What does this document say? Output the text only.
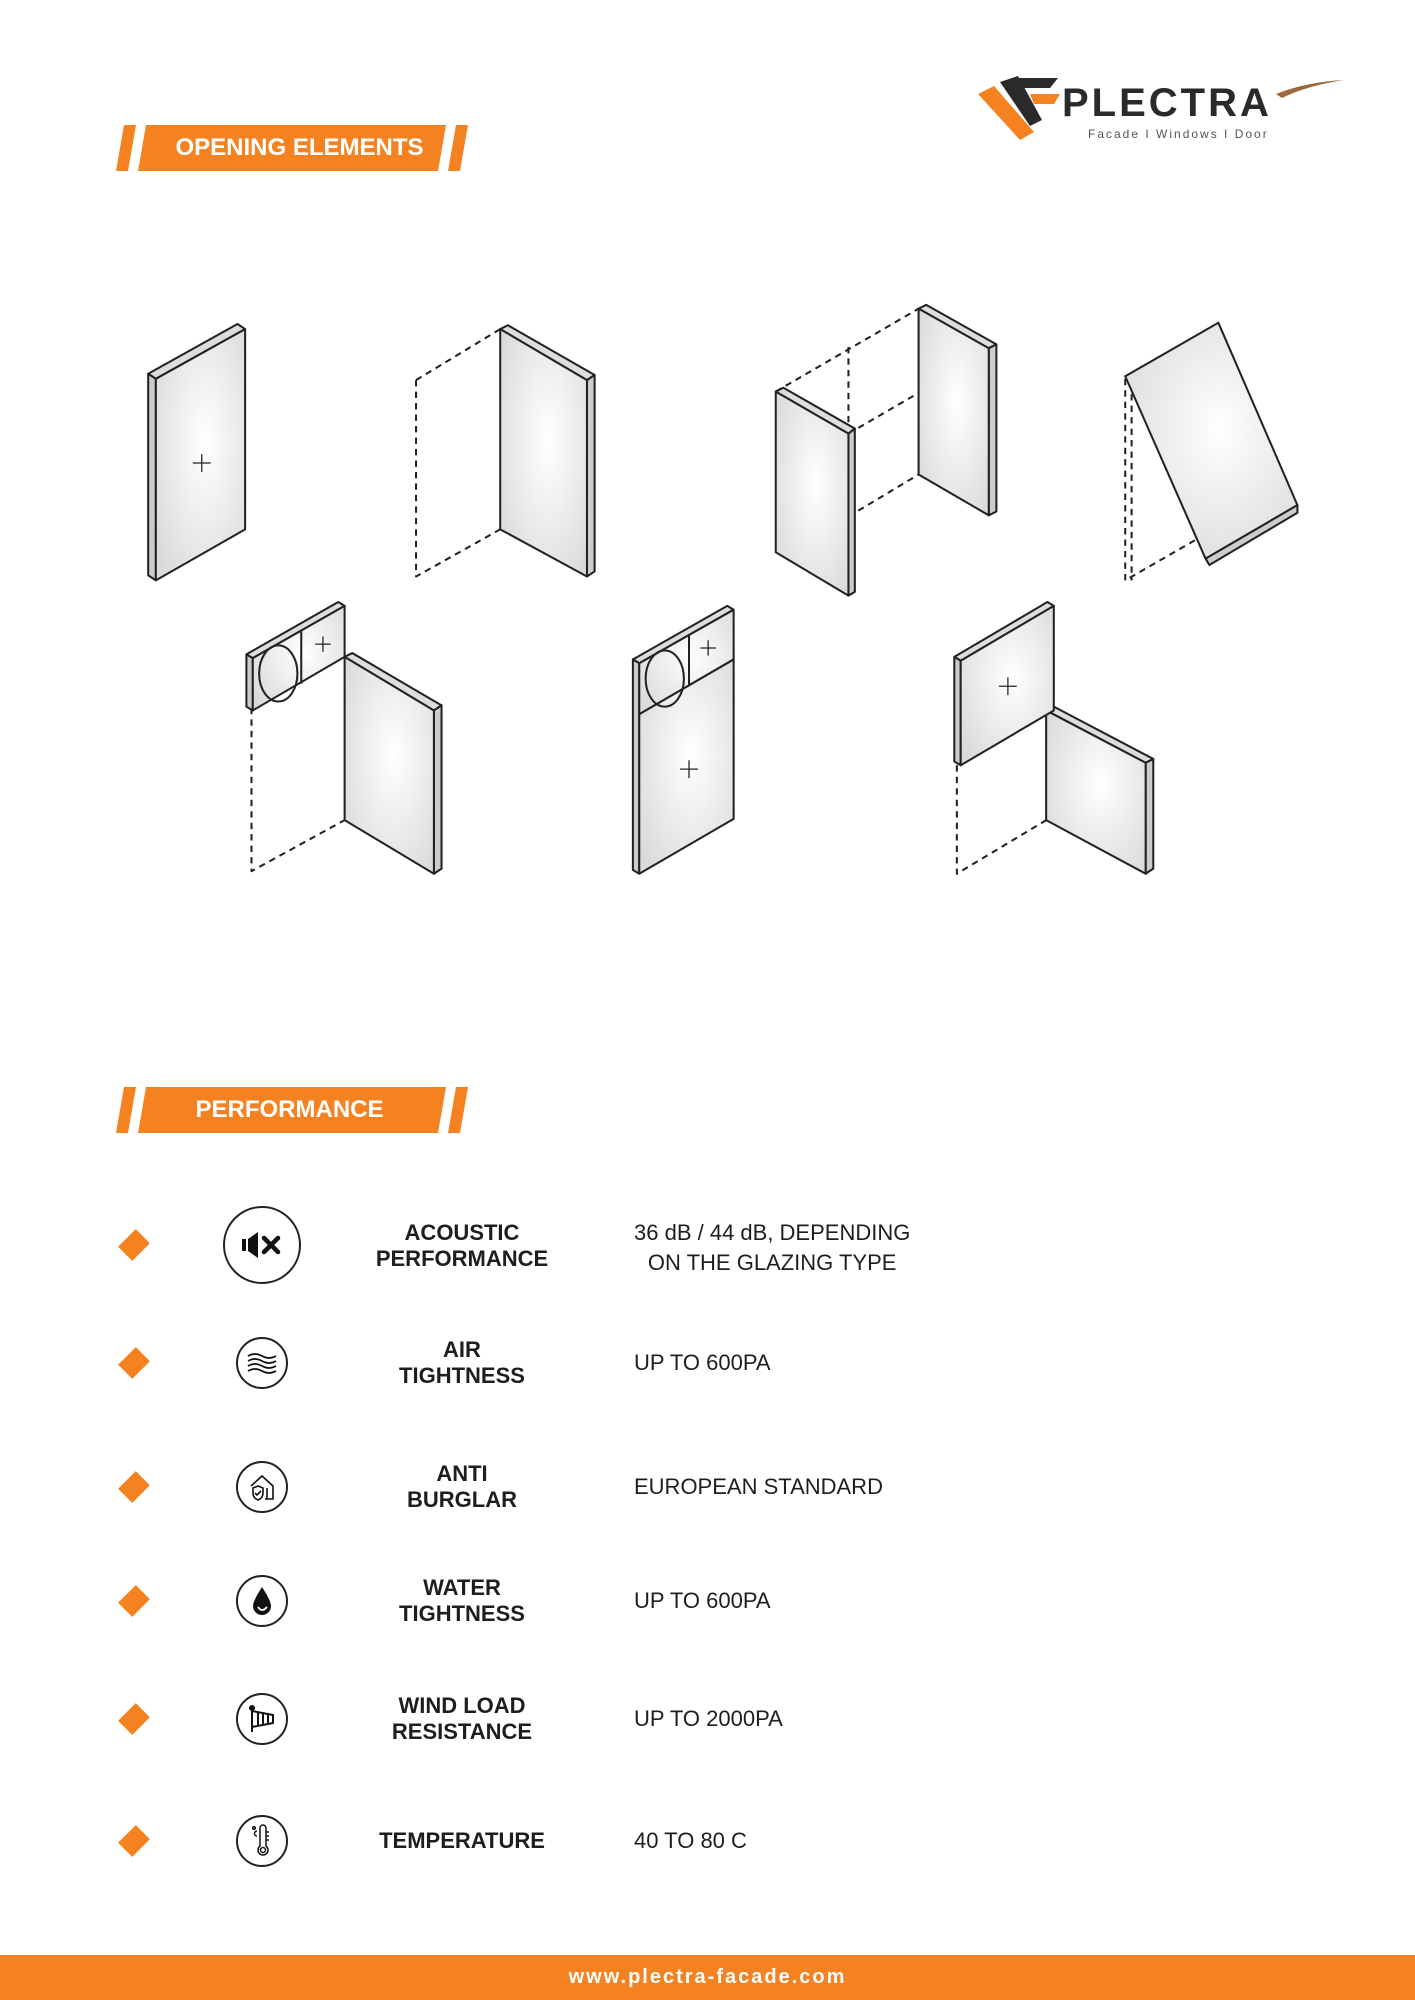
PLECTRA
Facade I Windows I Door
OPENING ELEMENTS
PERFORMANCE
ACOUSTIC
PERFORMANCE
36 dB / 44 dB, DEPENDING
ON THE GLAZING TYPE
AIR
TIGHTNESS
UP TO 600PA
ANTI
BURGLAR
EUROPEAN STANDARD
WATER
TIGHTNESS
UP TO 600PA
WIND LOAD
RESISTANCE
UP TO 2000PA
TEMPERATURE	40 TO 80 C
www.plectra-facade.com
